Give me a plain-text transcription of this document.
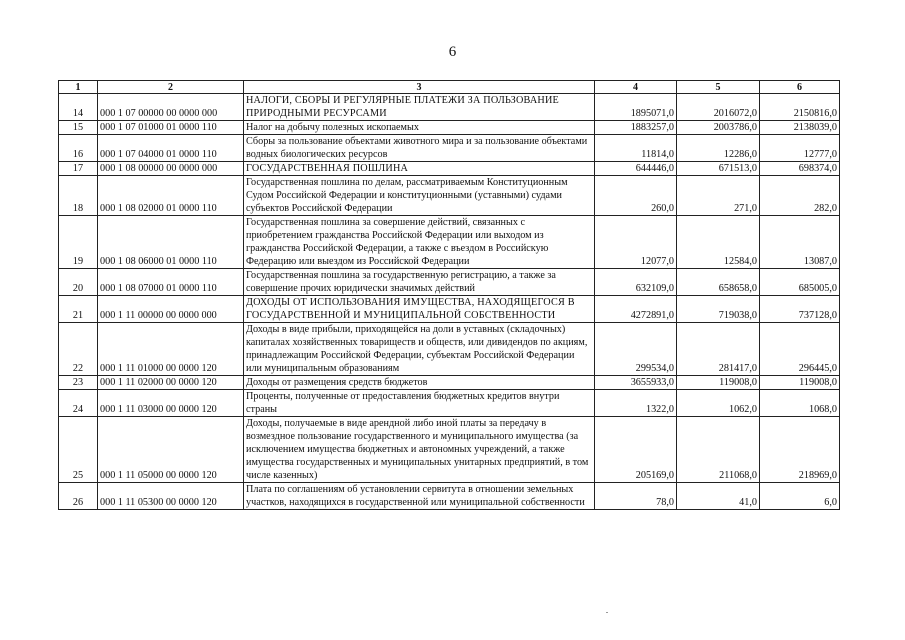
6
1	2	3	4	5	6
14	000 1 07 00000 00 0000 000	НАЛОГИ, СБОРЫ И РЕГУЛЯРНЫЕ ПЛАТЕЖИ ЗА ПОЛЬЗОВАНИЕ ПРИРОДНЫМИ РЕСУРСАМИ	1895071,0	2016072,0	2150816,0
15	000 1 07 01000 01 0000 110	Налог на добычу полезных ископаемых	1883257,0	2003786,0	2138039,0
16	000 1 07 04000 01 0000 110	Сборы за пользование объектами животного мира и за пользование объектами водных биологических ресурсов	11814,0	12286,0	12777,0
17	000 1 08 00000 00 0000 000	ГОСУДАРСТВЕННАЯ ПОШЛИНА	644446,0	671513,0	698374,0
18	000 1 08 02000 01 0000 110	Государственная пошлина по делам, рассматриваемым Конституционным Судом Российской Федерации и конституционными (уставными) судами субъектов Российской Федерации	260,0	271,0	282,0
19	000 1 08 06000 01 0000 110	Государственная пошлина за совершение действий, связанных с приобретением гражданства Российской Федерации или выходом из гражданства Российской Федерации, а также с въездом в Российскую Федерацию или выездом из Российской Федерации	12077,0	12584,0	13087,0
20	000 1 08 07000 01 0000 110	Государственная пошлина за государственную регистрацию, а также за совершение прочих юридически значимых действий	632109,0	658658,0	685005,0
21	000 1 11 00000 00 0000 000	ДОХОДЫ ОТ ИСПОЛЬЗОВАНИЯ ИМУЩЕСТВА, НАХОДЯЩЕГОСЯ В ГОСУДАРСТВЕННОЙ И МУНИЦИПАЛЬНОЙ СОБСТВЕННОСТИ	4272891,0	719038,0	737128,0
22	000 1 11 01000 00 0000 120	Доходы в виде прибыли, приходящейся на доли в уставных (складочных) капиталах хозяйственных товариществ и обществ, или дивидендов по акциям, принадлежащим Российской Федерации, субъектам Российской Федерации или муниципальным образованиям	299534,0	281417,0	296445,0
23	000 1 11 02000 00 0000 120	Доходы от размещения средств бюджетов	3655933,0	119008,0	119008,0
24	000 1 11 03000 00 0000 120	Проценты, полученные от предоставления бюджетных кредитов внутри страны	1322,0	1062,0	1068,0
25	000 1 11 05000 00 0000 120	Доходы, получаемые в виде арендной либо иной платы за передачу в возмездное пользование государственного и муниципального имущества (за исключением имущества бюджетных и автономных учреждений, а также имущества государственных и муниципальных унитарных предприятий, в том числе казенных)	205169,0	211068,0	218969,0
26	000 1 11 05300 00 0000 120	Плата по соглашениям об установлении сервитута в отношении земельных участков, находящихся в государственной или муниципальной собственности	78,0	41,0	6,0
